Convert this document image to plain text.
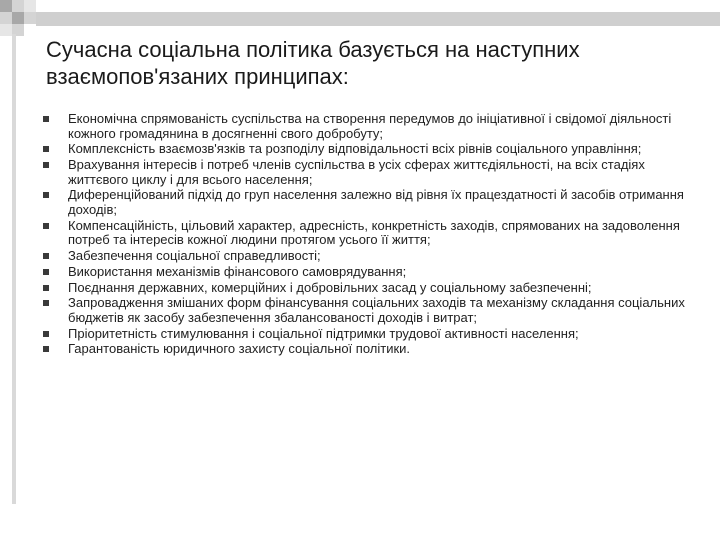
Сучасна соціальна політика базується на наступних взаємопов'язаних принципах:
Економічна спрямованість суспільства на створення передумов до ініціативної і свідомої діяльності кожного громадянина в досягненні свого добробуту;
Комплексність взаємозв'язків та розподілу відповідальності всіх рівнів соціального управління;
Врахування інтересів і потреб членів суспільства в усіх сферах життєдіяльності, на всіх стадіях життєвого циклу і для всього населення;
Диференційований підхід до груп населення залежно від рівня їх працездатності й засобів отримання доходів;
Компенсаційність, цільовий характер, адресність, конкретність заходів, спрямованих на задоволення потреб та інтересів кожної людини протягом усього її життя;
Забезпечення соціальної справедливості;
Використання механізмів фінансового самоврядування;
Поєднання державних, комерційних і добровільних засад у соціальному забезпеченні;
Запровадження змішаних форм фінансування соціальних заходів та механізму складання соціальних бюджетів як засобу забезпечення збалансованості доходів і витрат;
Пріоритетність стимулювання і соціальної підтримки трудової активності населення;
Гарантованість юридичного захисту соціальної політики.
